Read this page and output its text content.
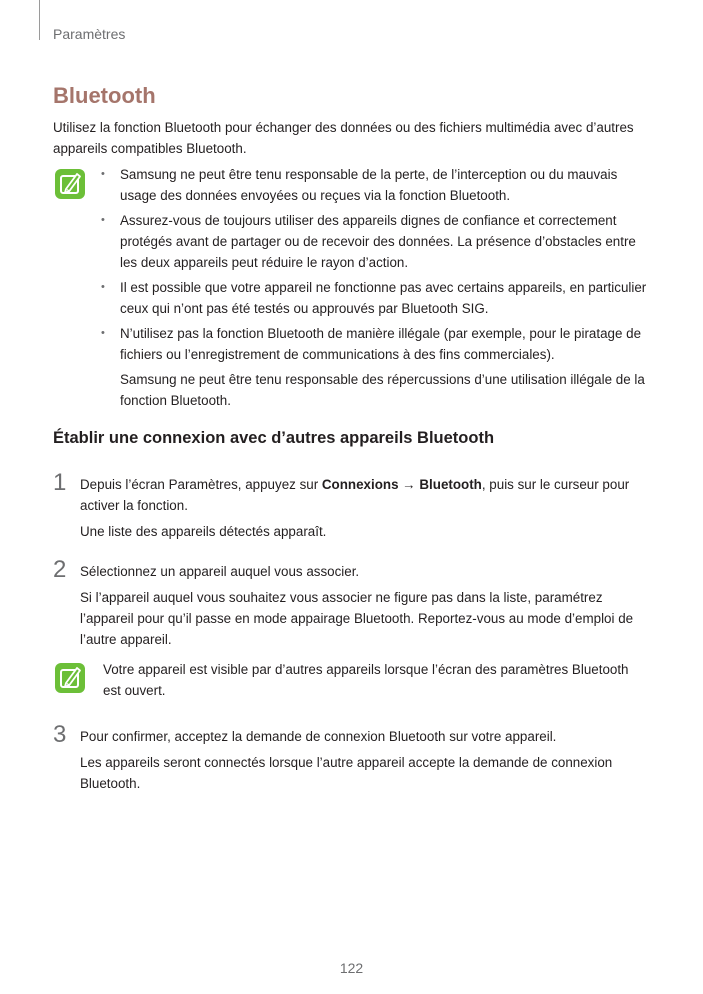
Paramètres
Bluetooth
Utilisez la fonction Bluetooth pour échanger des données ou des fichiers multimédia avec d’autres appareils compatibles Bluetooth.
• Samsung ne peut être tenu responsable de la perte, de l’interception ou du mauvais usage des données envoyées ou reçues via la fonction Bluetooth.
• Assurez-vous de toujours utiliser des appareils dignes de confiance et correctement protégés avant de partager ou de recevoir des données. La présence d’obstacles entre les deux appareils peut réduire le rayon d’action.
• Il est possible que votre appareil ne fonctionne pas avec certains appareils, en particulier ceux qui n’ont pas été testés ou approuvés par Bluetooth SIG.
• N’utilisez pas la fonction Bluetooth de manière illégale (par exemple, pour le piratage de fichiers ou l’enregistrement de communications à des fins commerciales).
Samsung ne peut être tenu responsable des répercussions d’une utilisation illégale de la fonction Bluetooth.
Établir une connexion avec d’autres appareils Bluetooth
1 Depuis l’écran Paramètres, appuyez sur Connexions → Bluetooth, puis sur le curseur pour activer la fonction.

Une liste des appareils détectés apparaît.

2 Sélectionnez un appareil auquel vous associer.

Si l’appareil auquel vous souhaitez vous associer ne figure pas dans la liste, paramétrez l’appareil pour qu’il passe en mode appairage Bluetooth. Reportez-vous au mode d’emploi de l’autre appareil.

Votre appareil est visible par d’autres appareils lorsque l’écran des paramètres Bluetooth est ouvert.
3 Pour confirmer, acceptez la demande de connexion Bluetooth sur votre appareil.

Les appareils seront connectés lorsque l’autre appareil accepte la demande de connexion Bluetooth.

122
